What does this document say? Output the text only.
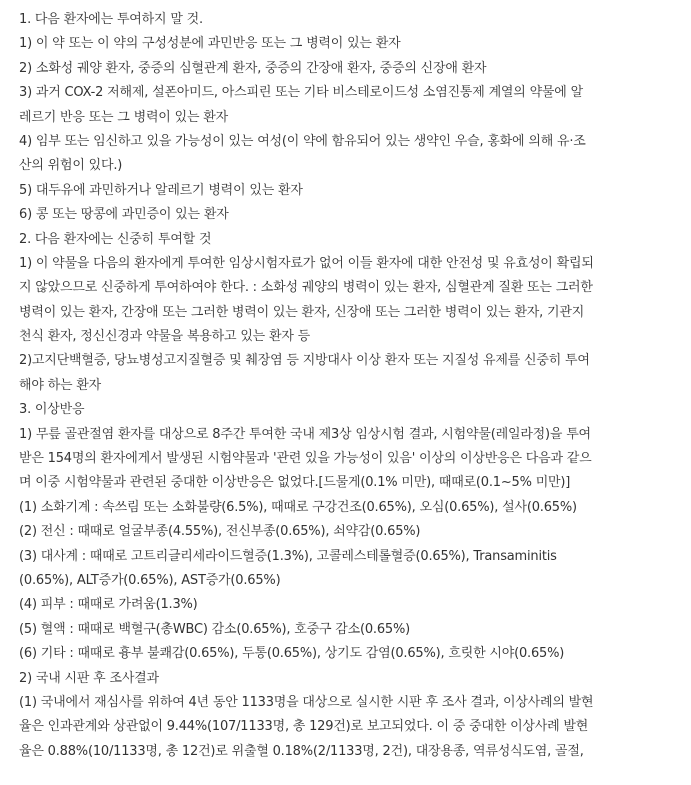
1. 다음 환자에는 투여하지 말 것.
1) 이 약 또는 이 약의 구성성분에 과민반응 또는 그 병력이 있는 환자
2) 소화성 궤양 환자, 중증의 심혈관계 환자, 중증의 간장애 환자, 중증의 신장애 환자
3) 과거 COX-2 저해제, 설폰아미드, 아스피린 또는 기타 비스테로이드성 소염진통제 계열의 약물에 알
레르기 반응 또는 그 병력이 있는 환자
4) 임부 또는 임신하고 있을 가능성이 있는 여성(이 약에 함유되어 있는 생약인 우슬, 홍화에 의해 유·조
산의 위험이 있다.)
5) 대두유에 과민하거나 알레르기 병력이 있는 환자
6) 콩 또는 땅콩에 과민증이 있는 환자
2. 다음 환자에는 신중히 투여할 것
1) 이 약물을 다음의 환자에게 투여한 임상시험자료가 없어 이들 환자에 대한 안전성 및 유효성이 확립되
지 않았으므로 신중하게 투여하여야 한다. : 소화성 궤양의 병력이 있는 환자, 심혈관계 질환 또는 그러한
병력이 있는 환자, 간장애 또는 그러한 병력이 있는 환자, 신장애 또는 그러한 병력이 있는 환자, 기관지
천식 환자, 정신신경과 약물을 복용하고 있는 환자 등
2)고지단백혈증, 당뇨병성고지질혈증 및 췌장염 등 지방대사 이상 환자 또는 지질성 유제를 신중히 투여
해야 하는 환자
3. 이상반응
1) 무릎 골관절염 환자를 대상으로 8주간 투여한 국내 제3상 임상시험 결과, 시험약물(레일라정)을 투여
받은 154명의 환자에게서 발생된 시험약물과 '관련 있을 가능성이 있음' 이상의 이상반응은 다음과 같으
며 이중 시험약물과 관련된 중대한 이상반응은 없었다.[드물게(0.1% 미만), 때때로(0.1~5% 미만)]
(1) 소화기계 : 속쓰림 또는 소화불량(6.5%), 때때로 구강건조(0.65%), 오심(0.65%), 설사(0.65%)
(2) 전신 : 때때로 얼굴부종(4.55%), 전신부종(0.65%), 쇠약감(0.65%)
(3) 대사계 : 때때로 고트리글리세라이드혈증(1.3%), 고콜레스테롤혈증(0.65%), Transaminitis
(0.65%), ALT증가(0.65%), AST증가(0.65%)
(4) 피부 : 때때로 가려움(1.3%)
(5) 혈액 : 때때로 백혈구(총WBC) 감소(0.65%), 호중구 감소(0.65%)
(6) 기타 : 때때로 흉부 불쾌감(0.65%), 두통(0.65%), 상기도 감염(0.65%), 흐릿한 시야(0.65%)
2) 국내 시판 후 조사결과
(1) 국내에서 재심사를 위하여 4년 동안 1133명을 대상으로 실시한 시판 후 조사 결과, 이상사례의 발현
율은 인과관계와 상관없이 9.44%(107/1133명, 총 129건)로 보고되었다. 이 중 중대한 이상사례 발현
율은 0.88%(10/1133명, 총 12건)로 위출혈 0.18%(2/1133명, 2건), 대장용종, 역류성식도염, 골절,
